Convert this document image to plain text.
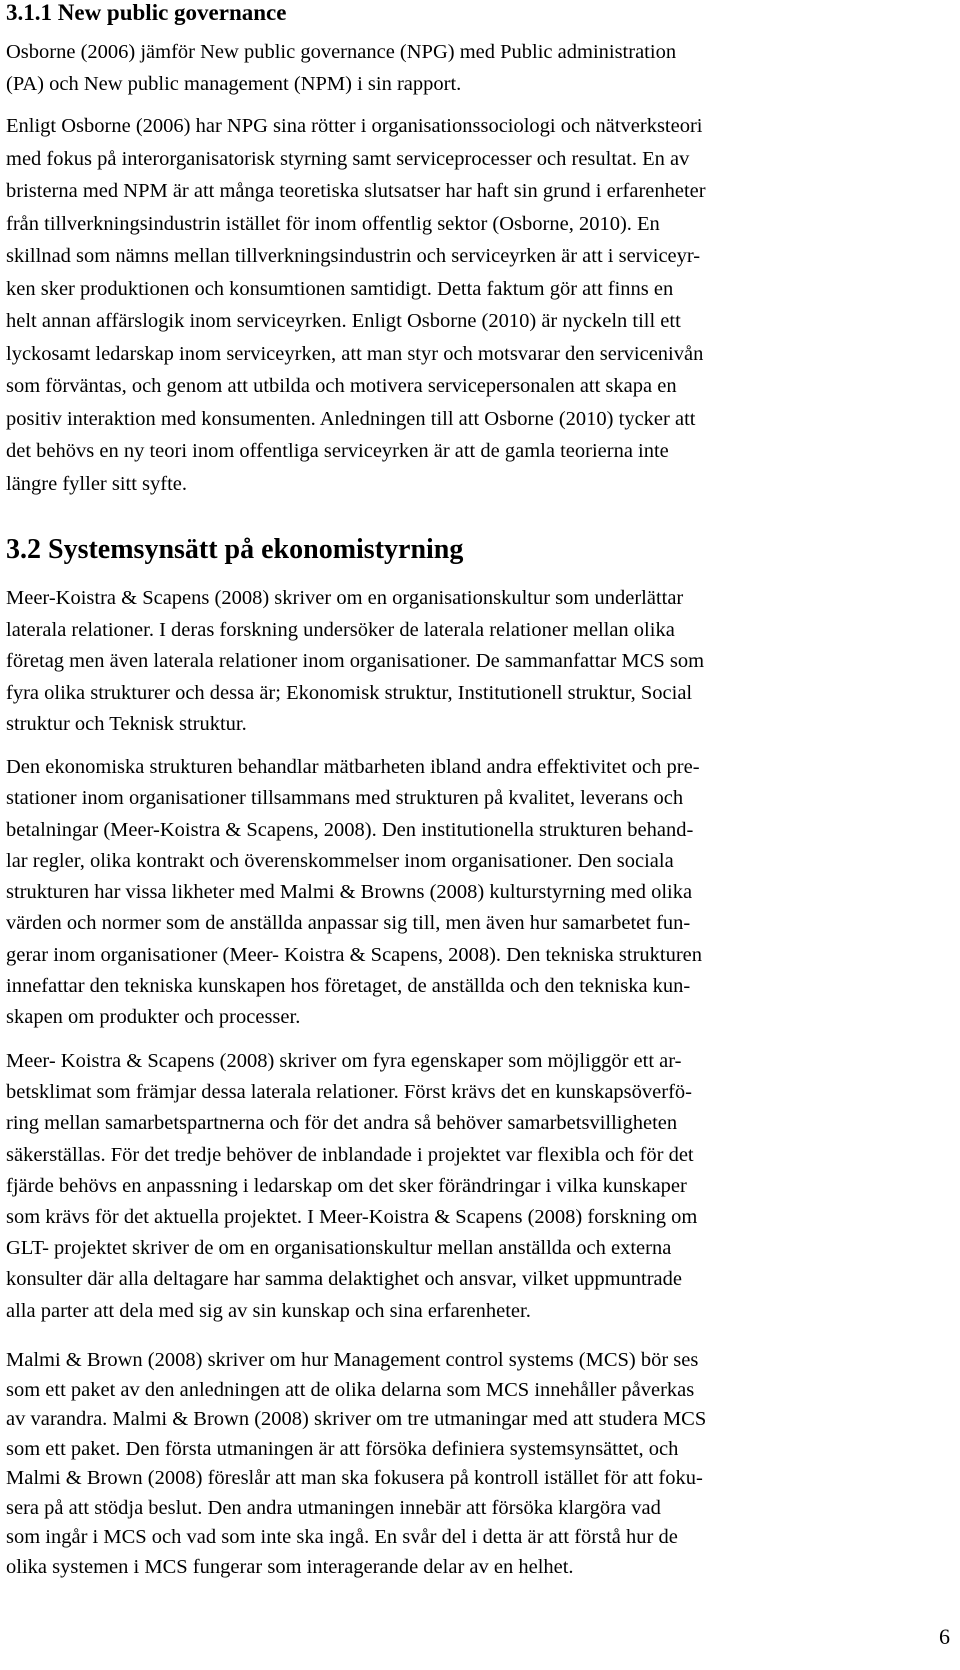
3.1.1 New public governance
Osborne (2006) jämför New public governance (NPG) med Public administration
(PA) och New public management (NPM) i sin rapport.
Enligt Osborne (2006) har NPG sina rötter i organisationssociologi och nätverksteori
med fokus på interorganisatorisk styrning samt serviceprocesser och resultat. En av
bristerna med NPM är att många teoretiska slutsatser har haft sin grund i erfarenheter
från tillverkningsindustrin istället för inom offentlig sektor (Osborne, 2010). En
skillnad som nämns mellan tillverkningsindustrin och serviceyrken är att i serviceyr-
ken sker produktionen och konsumtionen samtidigt. Detta faktum gör att finns en
helt annan affärslogik inom serviceyrken. Enligt Osborne (2010) är nyckeln till ett
lyckosamt ledarskap inom serviceyrken, att man styr och motsvarar den servicenivån
som förväntas, och genom att utbilda och motivera servicepersonalen att skapa en
positiv interaktion med konsumenten. Anledningen till att Osborne (2010) tycker att
det behövs en ny teori inom offentliga serviceyrken är att de gamla teorierna inte
längre fyller sitt syfte.
3.2 Systemsynsätt på ekonomistyrning
Meer-Koistra & Scapens (2008) skriver om en organisationskultur som underlättar
laterala relationer. I deras forskning undersöker de laterala relationer mellan olika
företag men även laterala relationer inom organisationer. De sammanfattar MCS som
fyra olika strukturer och dessa är; Ekonomisk struktur, Institutionell struktur, Social
struktur och Teknisk struktur.
Den ekonomiska strukturen behandlar mätbarheten ibland andra effektivitet och pre-
stationer inom organisationer tillsammans med strukturen på kvalitet, leverans och
betalningar (Meer-Koistra & Scapens, 2008). Den institutionella strukturen behand-
lar regler, olika kontrakt och överenskommelser inom organisationer. Den sociala
strukturen har vissa likheter med Malmi & Browns (2008) kulturstyrning med olika
värden och normer som de anställda anpassar sig till, men även hur samarbetet fun-
gerar inom organisationer (Meer- Koistra & Scapens, 2008). Den tekniska strukturen
innefattar den tekniska kunskapen hos företaget, de anställda och den tekniska kun-
skapen om produkter och processer.
Meer- Koistra & Scapens (2008) skriver om fyra egenskaper som möjliggör ett ar-
betsklimat som främjar dessa laterala relationer. Först krävs det en kunskapsöverfö-
ring mellan samarbetspartnerna och för det andra så behöver samarbetsvilligheten
säkerställas. För det tredje behöver de inblandade i projektet var flexibla och för det
fjärde behövs en anpassning i ledarskap om det sker förändringar i vilka kunskaper
som krävs för det aktuella projektet. I Meer-Koistra & Scapens (2008) forskning om
GLT- projektet skriver de om en organisationskultur mellan anställda och externa
konsulter där alla deltagare har samma delaktighet och ansvar, vilket uppmuntrade
alla parter att dela med sig av sin kunskap och sina erfarenheter.
Malmi & Brown (2008) skriver om hur Management control systems (MCS) bör ses
som ett paket av den anledningen att de olika delarna som MCS innehåller påverkas
av varandra. Malmi & Brown (2008) skriver om tre utmaningar med att studera MCS
som ett paket. Den första utmaningen är att försöka definiera systemsynsättet, och
Malmi & Brown (2008) föreslår att man ska fokusera på kontroll istället för att foku-
sera på att stödja beslut. Den andra utmaningen innebär att försöka klargöra vad
som ingår i MCS och vad som inte ska ingå. En svår del i detta är att förstå hur de
olika systemen i MCS fungerar som interagerande delar av en helhet.
6
